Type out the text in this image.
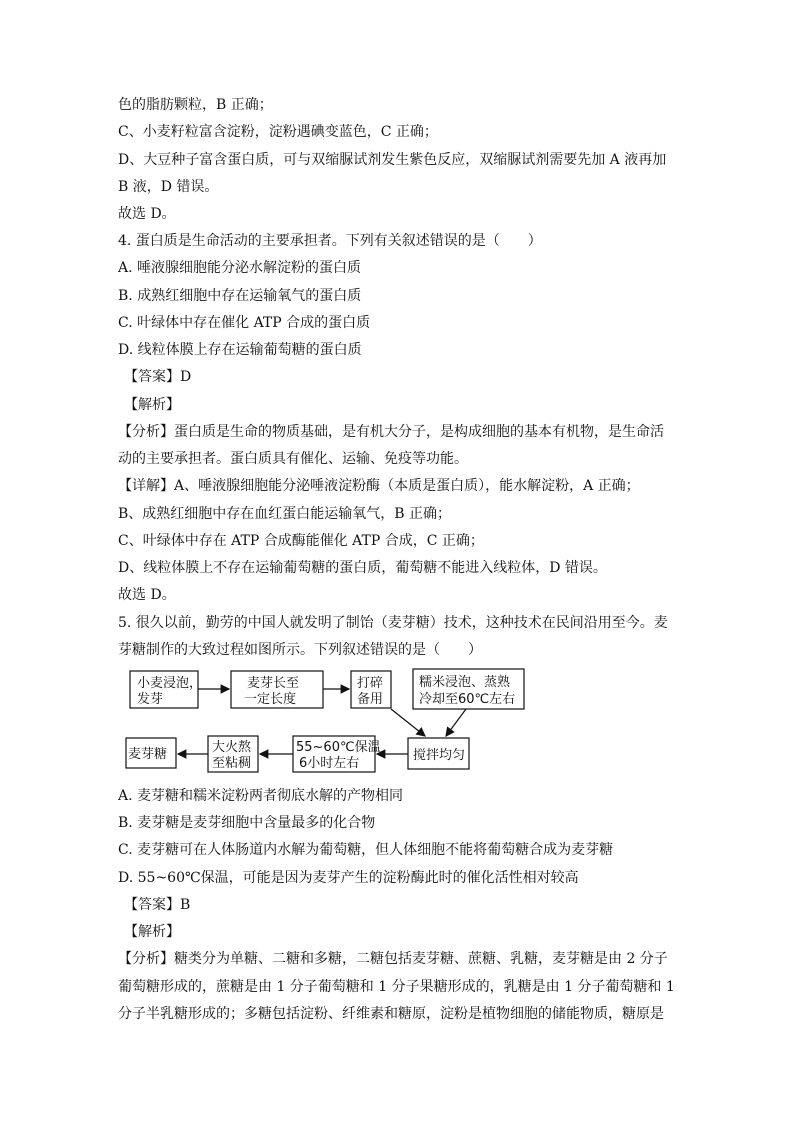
色的脂肪颗粒，B 正确；
C、小麦籽粒富含淀粉，淀粉遇碘变蓝色，C 正确；
D、大豆种子富含蛋白质，可与双缩脲试剂发生紫色反应，双缩脲试剂需要先加 A 液再加
B 液，D 错误。
故选 D。
4. 蛋白质是生命活动的主要承担者。下列有关叙述错误的是（　　）
A. 唾液腺细胞能分泌水解淀粉的蛋白质
B. 成熟红细胞中存在运输氧气的蛋白质
C. 叶绿体中存在催化 ATP 合成的蛋白质
D. 线粒体膜上存在运输葡萄糖的蛋白质
【答案】D
【解析】
【分析】蛋白质是生命的物质基础，是有机大分子，是构成细胞的基本有机物，是生命活
动的主要承担者。蛋白质具有催化、运输、免疫等功能。
【详解】A、唾液腺细胞能分泌唾液淀粉酶（本质是蛋白质），能水解淀粉，A 正确；
B、成熟红细胞中存在血红蛋白能运输氧气，B 正确；
C、叶绿体中存在 ATP 合成酶能催化 ATP 合成，C 正确；
D、线粒体膜上不存在运输葡萄糖的蛋白质，葡萄糖不能进入线粒体，D 错误。
故选 D。
5. 很久以前，勤劳的中国人就发明了制饴（麦芽糖）技术，这种技术在民间沿用至今。麦
芽糖制作的大致过程如图所示。下列叙述错误的是（　　）
小麦浸泡，
发芽
麦芽长至
一定长度
打碎
备用
糯米浸泡、蒸熟
冷却至60℃左右
搅拌均匀
55~60℃保温
6小时左右
大火熬
至粘稠
麦芽糖
A. 麦芽糖和糯米淀粉两者彻底水解的产物相同
B. 麦芽糖是麦芽细胞中含量最多的化合物
C. 麦芽糖可在人体肠道内水解为葡萄糖，但人体细胞不能将葡萄糖合成为麦芽糖
D. 55~60℃保温，可能是因为麦芽产生的淀粉酶此时的催化活性相对较高
【答案】B
【解析】
【分析】糖类分为单糖、二糖和多糖，二糖包括麦芽糖、蔗糖、乳糖，麦芽糖是由 2 分子
葡萄糖形成的，蔗糖是由 1 分子葡萄糖和 1 分子果糖形成的，乳糖是由 1 分子葡萄糖和 1
分子半乳糖形成的；多糖包括淀粉、纤维素和糖原，淀粉是植物细胞的储能物质，糖原是
